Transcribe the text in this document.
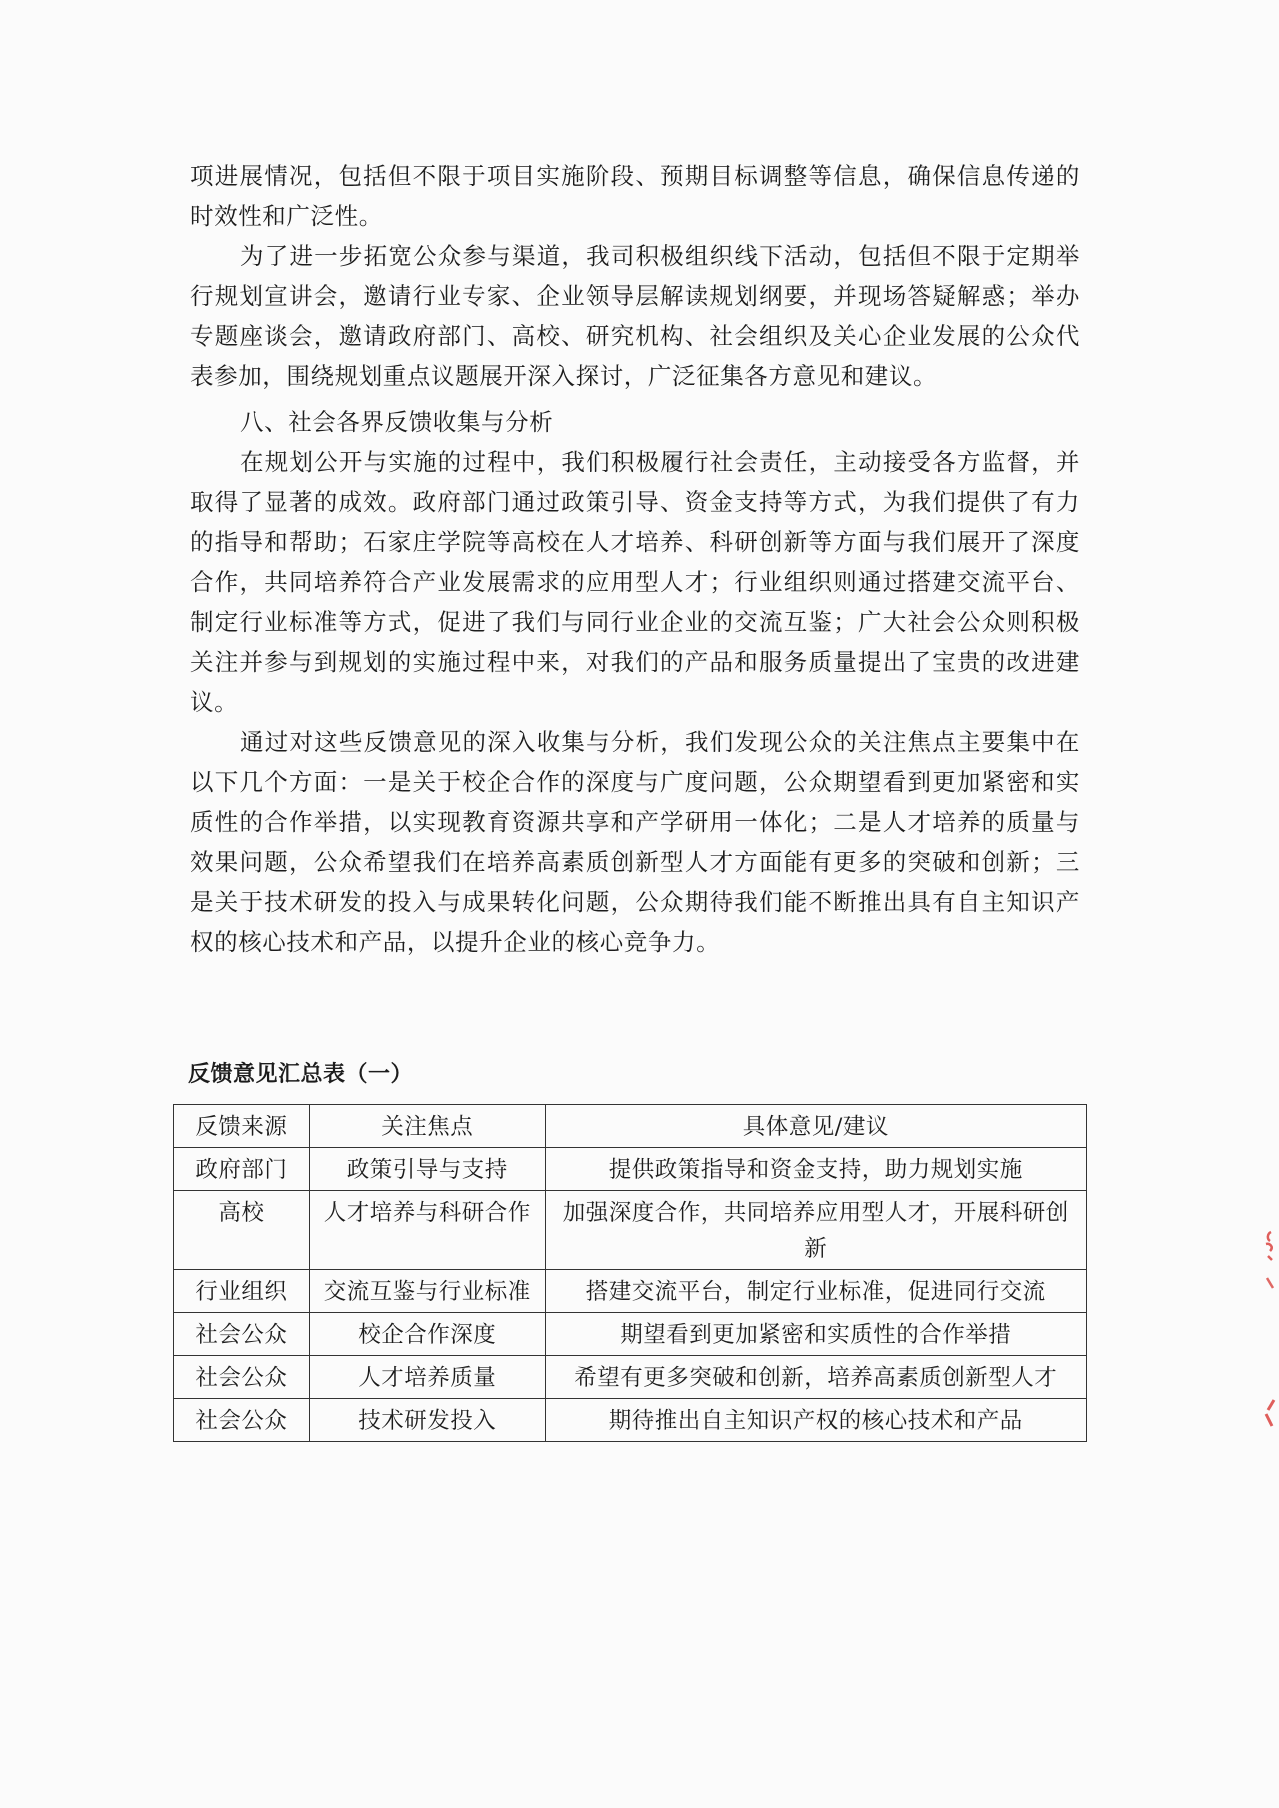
项进展情况，包括但不限于项目实施阶段、预期目标调整等信息，确保信息传递的时效性和广泛性。

为了进一步拓宽公众参与渠道，我司积极组织线下活动，包括但不限于定期举行规划宣讲会，邀请行业专家、企业领导层解读规划纲要，并现场答疑解惑；举办专题座谈会，邀请政府部门、高校、研究机构、社会组织及关心企业发展的公众代表参加，围绕规划重点议题展开深入探讨，广泛征集各方意见和建议。

八、社会各界反馈收集与分析

在规划公开与实施的过程中，我们积极履行社会责任，主动接受各方监督，并取得了显著的成效。政府部门通过政策引导、资金支持等方式，为我们提供了有力的指导和帮助；石家庄学院等高校在人才培养、科研创新等方面与我们展开了深度合作，共同培养符合产业发展需求的应用型人才；行业组织则通过搭建交流平台、制定行业标准等方式，促进了我们与同行业企业的交流互鉴；广大社会公众则积极关注并参与到规划的实施过程中来，对我们的产品和服务质量提出了宝贵的改进建议。

通过对这些反馈意见的深入收集与分析，我们发现公众的关注焦点主要集中在以下几个方面：一是关于校企合作的深度与广度问题，公众期望看到更加紧密和实质性的合作举措，以实现教育资源共享和产学研用一体化；二是人才培养的质量与效果问题，公众希望我们在培养高素质创新型人才方面能有更多的突破和创新；三是关于技术研发的投入与成果转化问题，公众期待我们能不断推出具有自主知识产权的核心技术和产品，以提升企业的核心竞争力。

反馈意见汇总表（一）
反馈来源	关注焦点	具体意见/建议
政府部门	政策引导与支持	提供政策指导和资金支持，助力规划实施
高校	人才培养与科研合作	加强深度合作，共同培养应用型人才，开展科研创新
行业组织	交流互鉴与行业标准	搭建交流平台，制定行业标准，促进同行交流
社会公众	校企合作深度	期望看到更加紧密和实质性的合作举措
社会公众	人才培养质量	希望有更多突破和创新，培养高素质创新型人才
社会公众	技术研发投入	期待推出自主知识产权的核心技术和产品
